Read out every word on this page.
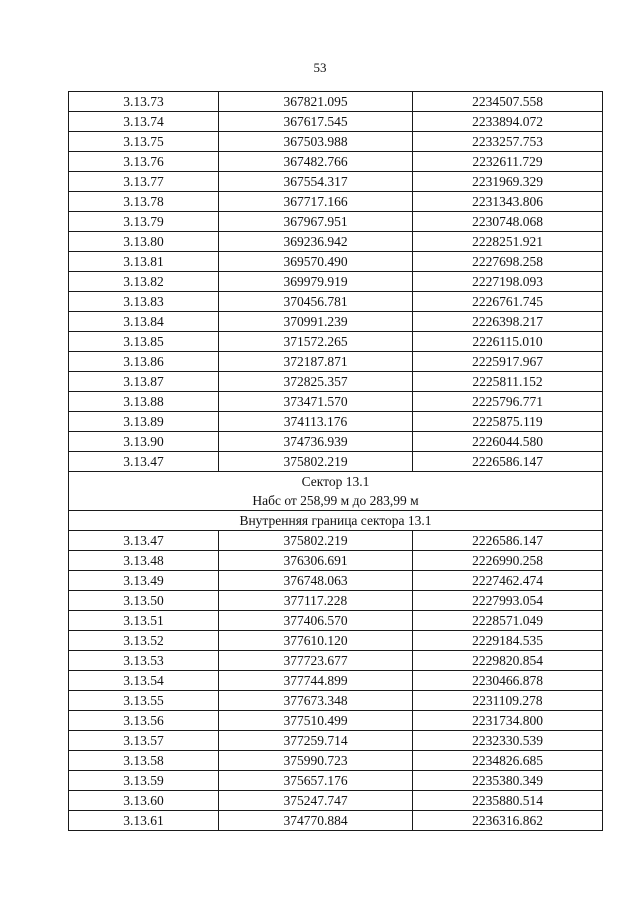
53
3.13.73	367821.095	2234507.558
3.13.74	367617.545	2233894.072
3.13.75	367503.988	2233257.753
3.13.76	367482.766	2232611.729
3.13.77	367554.317	2231969.329
3.13.78	367717.166	2231343.806
3.13.79	367967.951	2230748.068
3.13.80	369236.942	2228251.921
3.13.81	369570.490	2227698.258
3.13.82	369979.919	2227198.093
3.13.83	370456.781	2226761.745
3.13.84	370991.239	2226398.217
3.13.85	371572.265	2226115.010
3.13.86	372187.871	2225917.967
3.13.87	372825.357	2225811.152
3.13.88	373471.570	2225796.771
3.13.89	374113.176	2225875.119
3.13.90	374736.939	2226044.580
3.13.47	375802.219	2226586.147

Сектор 13.1
Набс от 258,99 м до 283,99 м		

Внутренняя граница сектора 13.1		
3.13.47	375802.219	2226586.147
3.13.48	376306.691	2226990.258
3.13.49	376748.063	2227462.474
3.13.50	377117.228	2227993.054
3.13.51	377406.570	2228571.049
3.13.52	377610.120	2229184.535
3.13.53	377723.677	2229820.854
3.13.54	377744.899	2230466.878
3.13.55	377673.348	2231109.278
3.13.56	377510.499	2231734.800
3.13.57	377259.714	2232330.539
3.13.58	375990.723	2234826.685
3.13.59	375657.176	2235380.349
3.13.60	375247.747	2235880.514
3.13.61	374770.884	2236316.862
